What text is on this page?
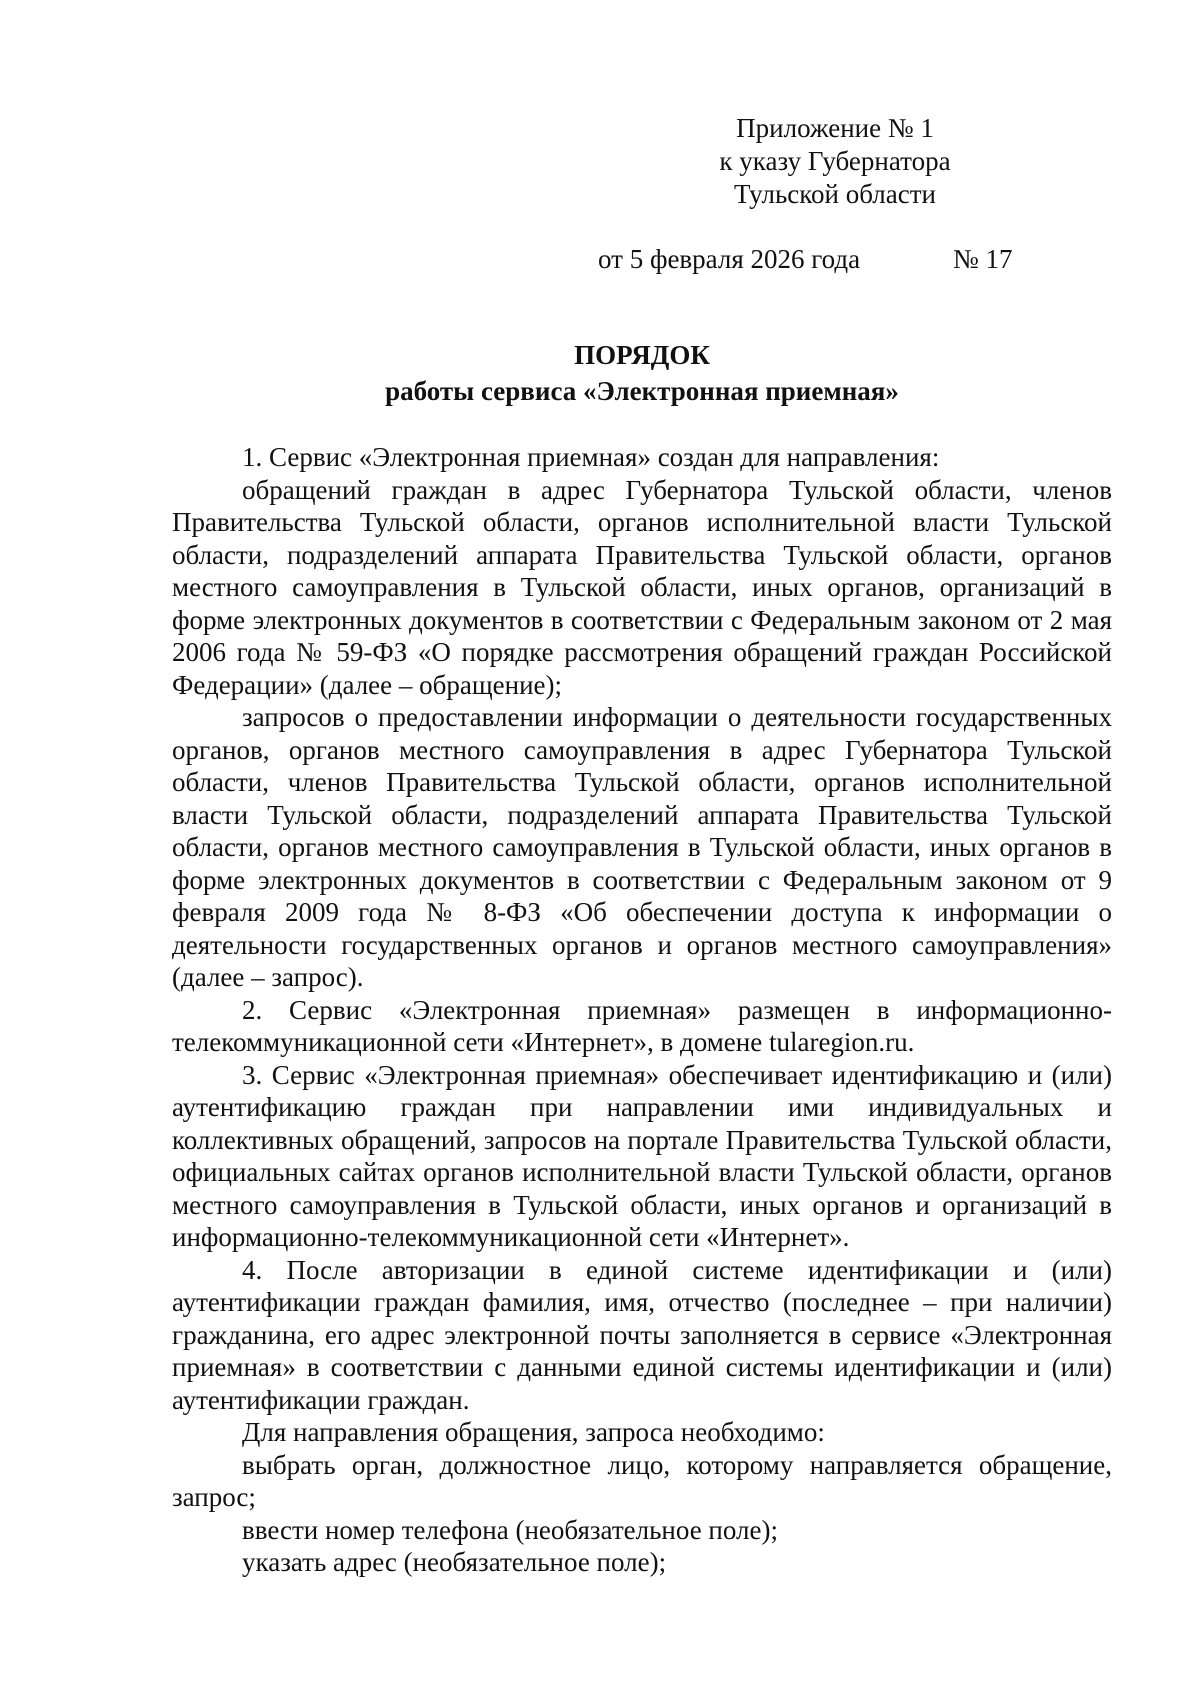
Приложение № 1
к указу Губернатора
Тульской области
от 5 февраля 2026 года	№ 17
ПОРЯДОК
работы сервиса «Электронная приемная»

1. Сервис «Электронная приемная» создан для направления:

обращений граждан в адрес Губернатора Тульской области, членов Правительства Тульской области, органов исполнительной власти Тульской области, подразделений аппарата Правительства Тульской области, органов местного самоуправления в Тульской области, иных органов, организаций в форме электронных документов в соответствии с Федеральным законом от 2 мая 2006 года № 59-ФЗ «О порядке рассмотрения обращений граждан Российской Федерации» (далее – обращение);

запросов о предоставлении информации о деятельности государственных органов, органов местного самоуправления в адрес Губернатора Тульской области, членов Правительства Тульской области, органов исполнительной власти Тульской области, подразделений аппарата Правительства Тульской области, органов местного самоуправления в Тульской области, иных органов в форме электронных документов в соответствии с Федеральным законом от 9 февраля 2009 года № 8-ФЗ «Об обеспечении доступа к информации о деятельности государственных органов и органов местного самоуправления» (далее – запрос).

2. Сервис «Электронная приемная» размещен в информационно-телекоммуникационной сети «Интернет», в домене tularegion.ru.

3. Сервис «Электронная приемная» обеспечивает идентификацию и (или) аутентификацию граждан при направлении ими индивидуальных и коллективных обращений, запросов на портале Правительства Тульской области, официальных сайтах органов исполнительной власти Тульской области, органов местного самоуправления в Тульской области, иных органов и организаций в информационно-телекоммуникационной сети «Интернет».

4. После авторизации в единой системе идентификации и (или) аутентификации граждан фамилия, имя, отчество (последнее – при наличии) гражданина, его адрес электронной почты заполняется в сервисе «Электронная приемная» в соответствии с данными единой системы идентификации и (или) аутентификации граждан.

Для направления обращения, запроса необходимо:

выбрать орган, должностное лицо, которому направляется обращение, запрос;

ввести номер телефона (необязательное поле);

указать адрес (необязательное поле);
